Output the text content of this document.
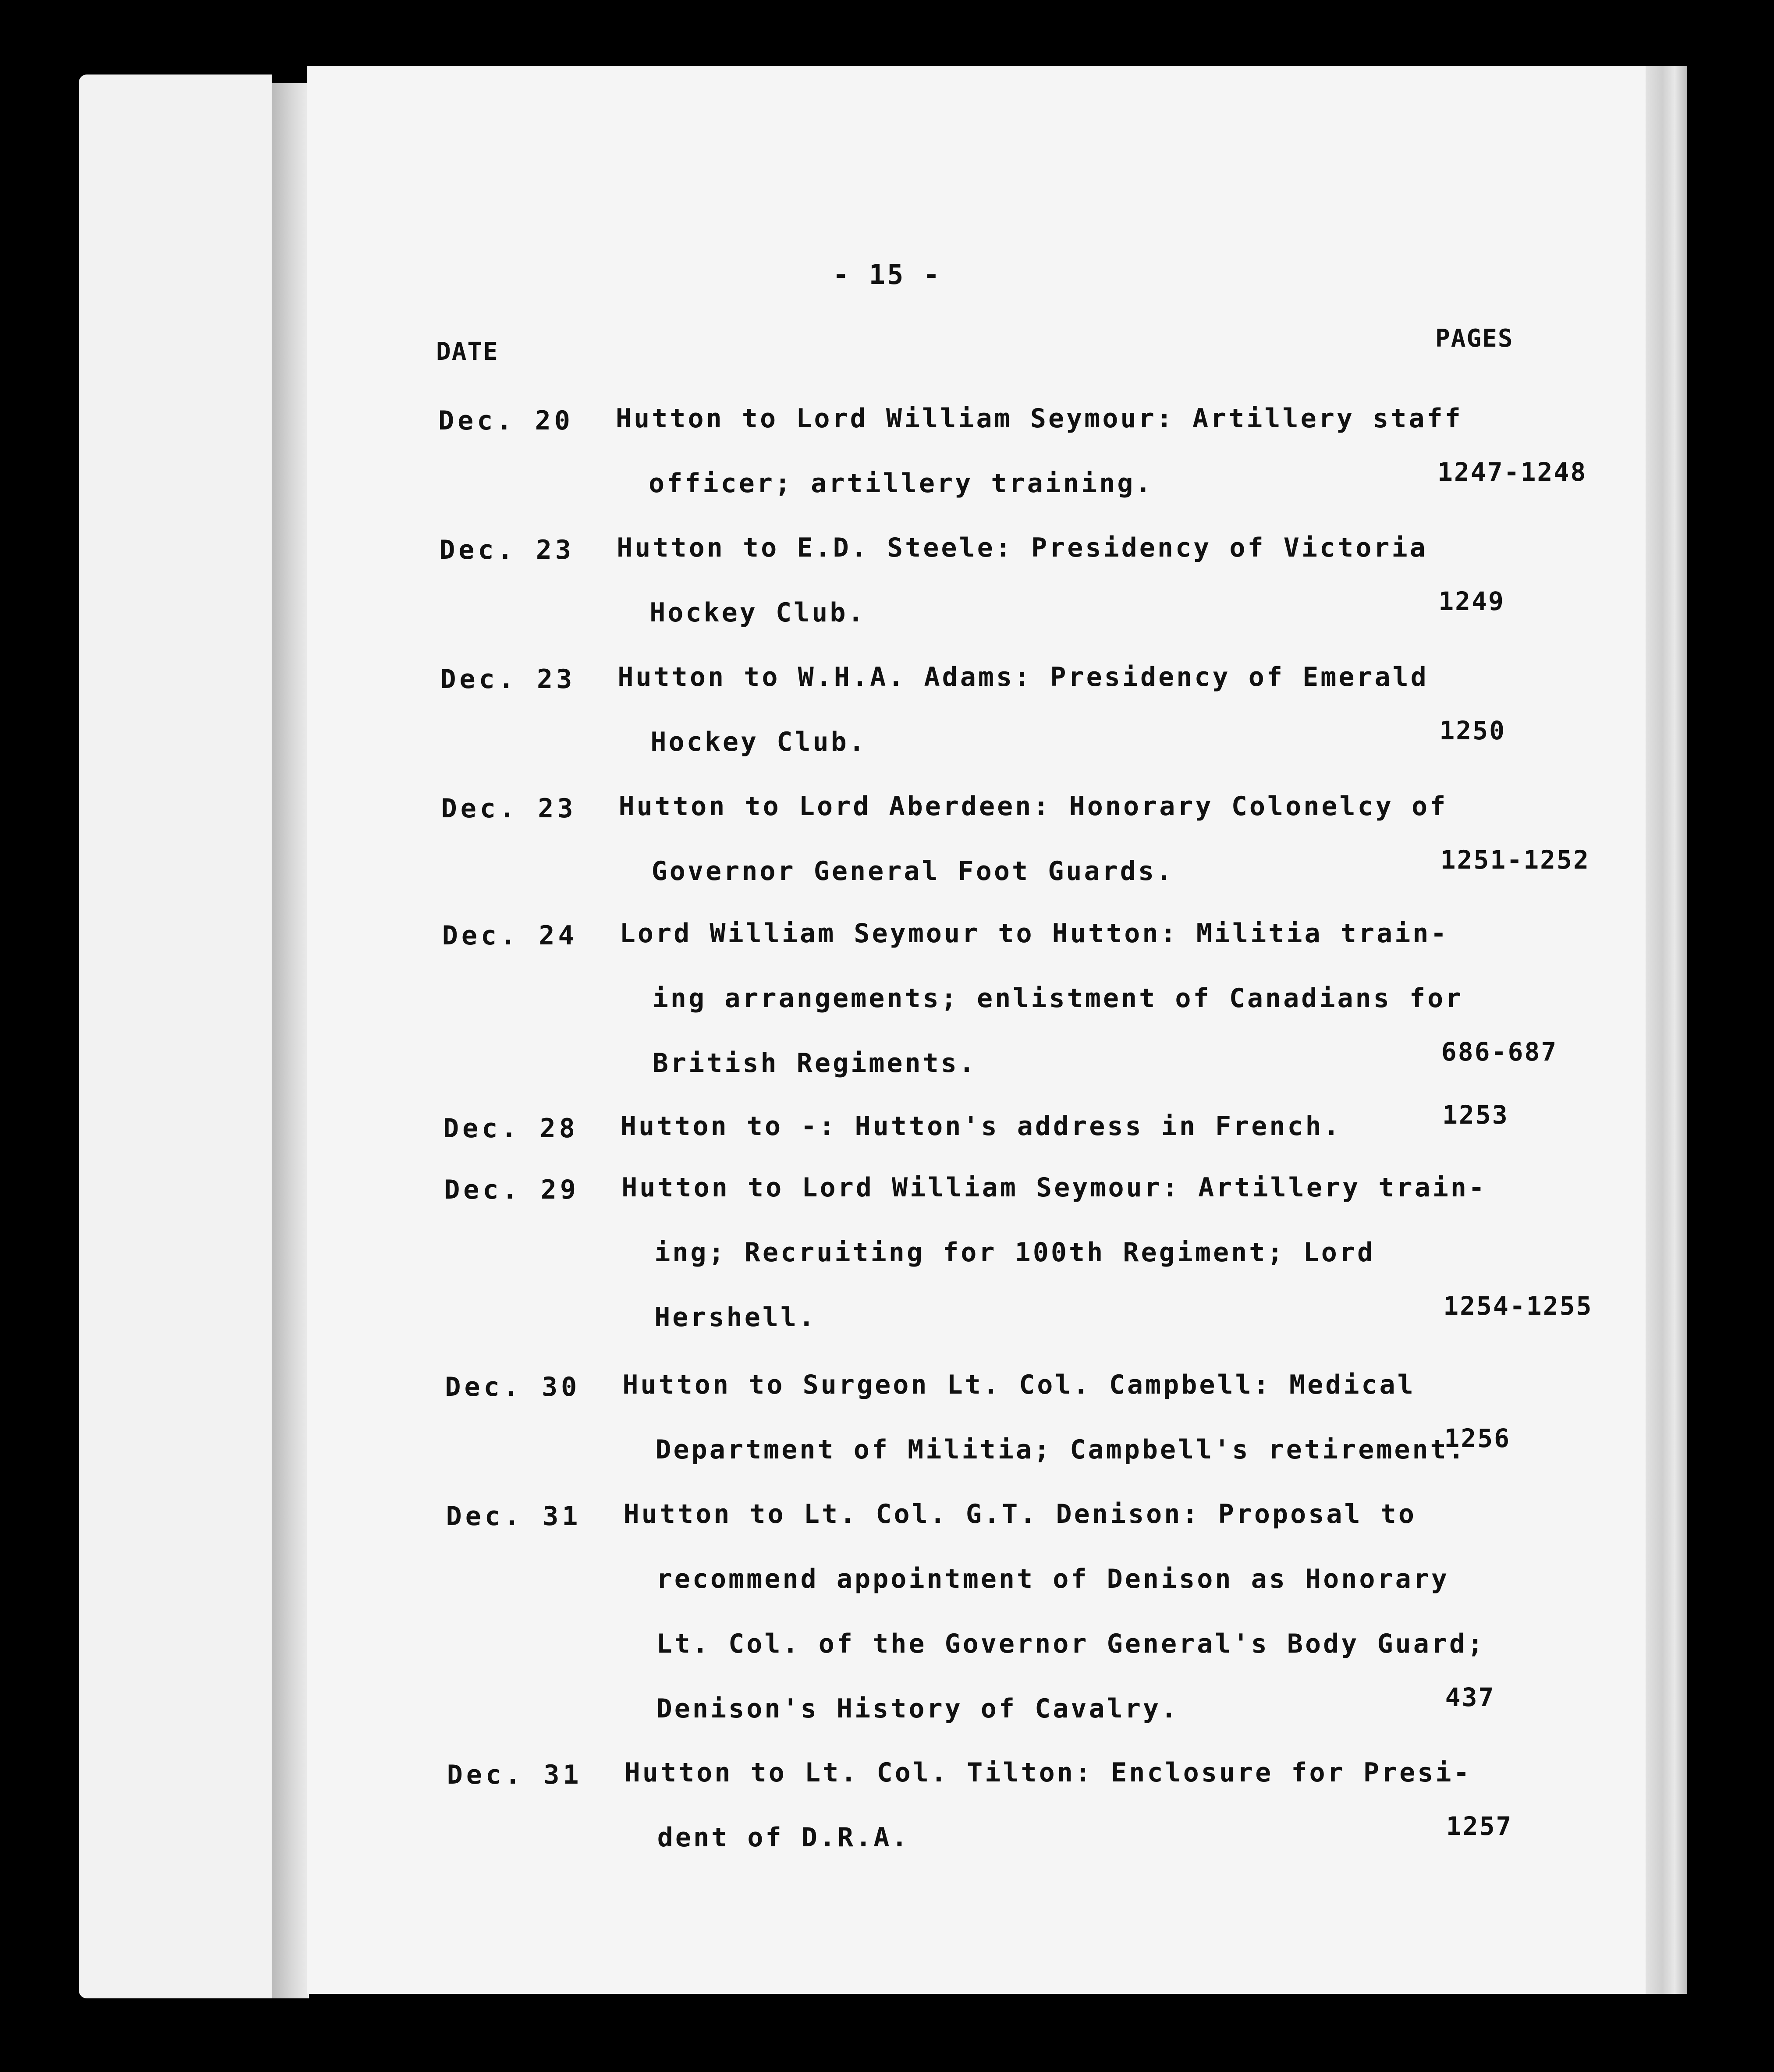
- 15 -
DATE	PAGES
Dec. 20 Hutton to Lord William Seymour: Artillery staff
officer; artillery training.	1247-1248
Dec. 23 Hutton to E.D. Steele: Presidency of Victoria
Hockey Club.	1249
Dec. 23 Hutton to W.H.A. Adams: Presidency of Emerald
Hockey Club.	1250
Dec. 23 Hutton to Lord Aberdeen: Honorary Colonelcy of
Governor General Foot Guards.	1251-1252
Dec. 24 Lord William Seymour to Hutton: Militia train-
ing arrangements; enlistment of Canadians for
British Regiments.	686-687
Dec. 28 Hutton to -: Hutton's address in French.	1253
Dec. 29 Hutton to Lord William Seymour: Artillery train-
ing; Recruiting for 100th Regiment; Lord
Hershell.	1254-1255
Dec. 30 Hutton to Surgeon Lt. Col. Campbell: Medical
Department of Militia; Campbell's retirement.
1256
Dec. 31 Hutton to Lt. Col. G.T. Denison: Proposal to
recommend appointment of Denison as Honorary
Lt. Col. of the Governor General's Body Guard;
Denison's History of Cavalry.	437
Dec. 31 Hutton to Lt. Col. Tilton: Enclosure for Presi-
dent of D.R.A.	1257
